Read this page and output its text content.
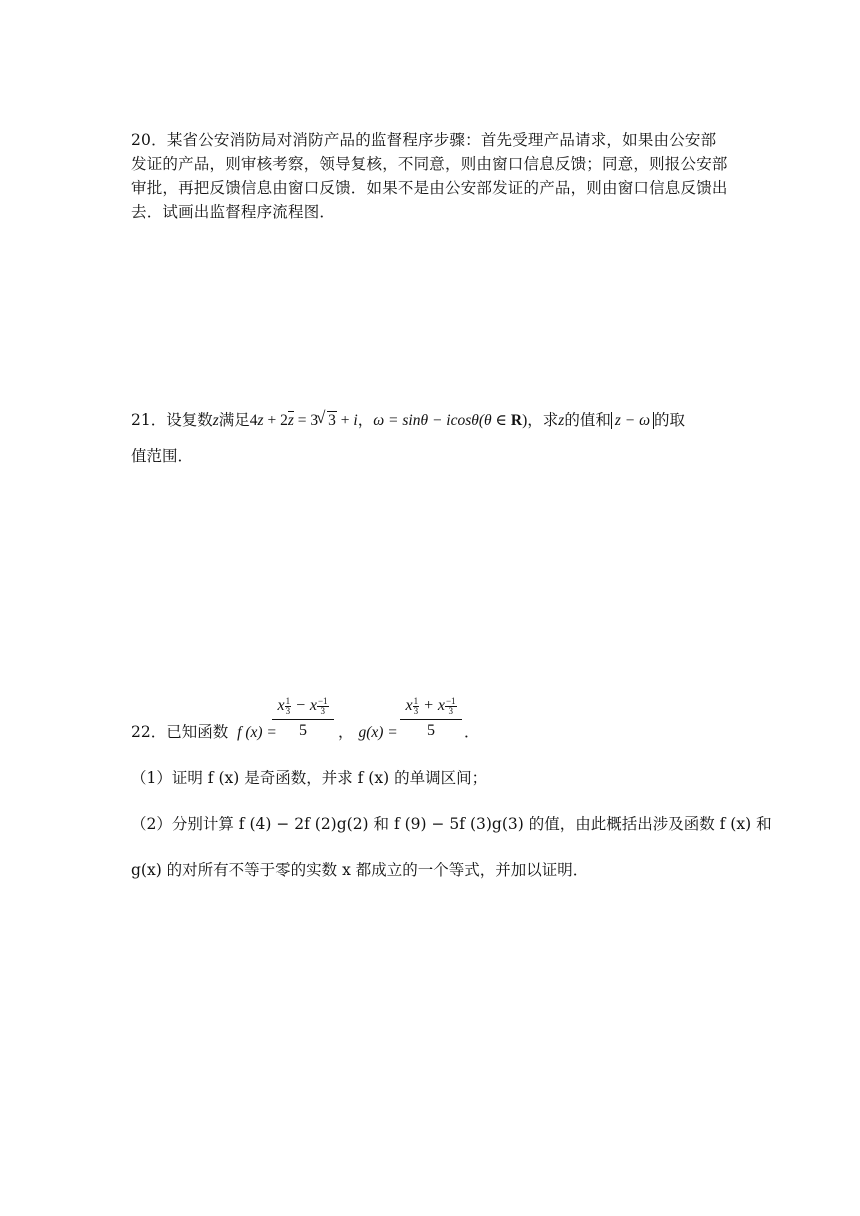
20．某省公安消防局对消防产品的监督程序步骤：首先受理产品请求，如果由公安部发证的产品，则审核考察，领导复核，不同意，则由窗口信息反馈；同意，则报公安部审批，再把反馈信息由窗口反馈．如果不是由公安部发证的产品，则由窗口信息反馈出去．试画出监督程序流程图．
21．设复数z满足4z + 2z = 3 √ 3 + i，ω = sinθ − icosθ(θ ∈ R)，求z的值和 z − ω 的取
值范围．
22．已知函数 f (x) =
x $\frac{1}{3} - x \frac{-1}{3}$
5	， g(x) =
x $\frac{1}{3} + x \frac{-1}{3}$
5	．
（1）证明 f (x) 是奇函数，并求 f (x) 的单调区间；
（2）分别计算 f (4) − 2f (2)g(2) 和 f (9) − 5f (3)g(3) 的值，由此概括出涉及函数 f (x) 和
g(x) 的对所有不等于零的实数 x 都成立的一个等式，并加以证明．
